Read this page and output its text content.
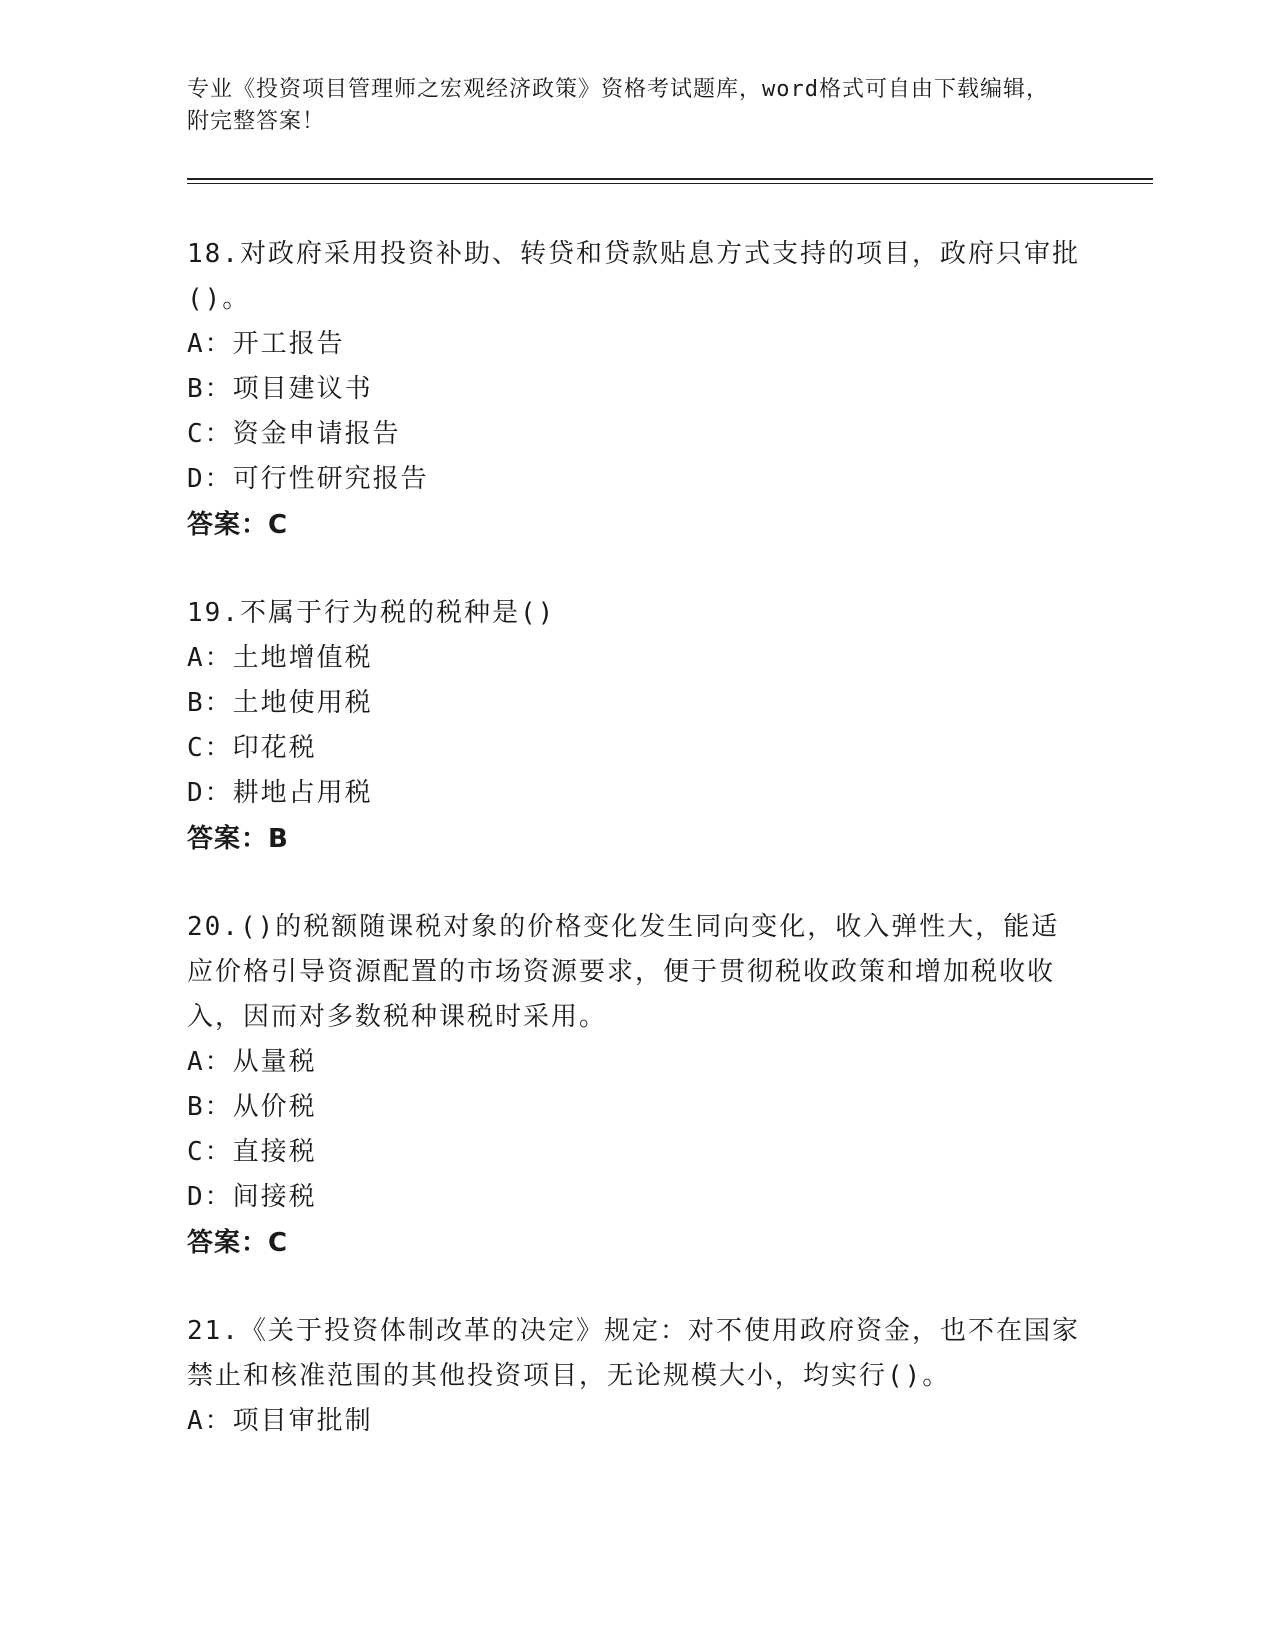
专业《投资项目管理师之宏观经济政策》资格考试题库，word格式可自由下载编辑，附完整答案！
18.对政府采用投资补助、转贷和贷款贴息方式支持的项目，政府只审批()。
A：开工报告
B：项目建议书
C：资金申请报告
D：可行性研究报告
答案：C
19.不属于行为税的税种是()
A：土地增值税
B：土地使用税
C：印花税
D：耕地占用税
答案：B
20.()的税额随课税对象的价格变化发生同向变化，收入弹性大，能适应价格引导资源配置的市场资源要求，便于贯彻税收政策和增加税收收入，因而对多数税种课税时采用。
A：从量税
B：从价税
C：直接税
D：间接税
答案：C
21.《关于投资体制改革的决定》规定：对不使用政府资金，也不在国家禁止和核准范围的其他投资项目，无论规模大小，均实行()。
A：项目审批制
